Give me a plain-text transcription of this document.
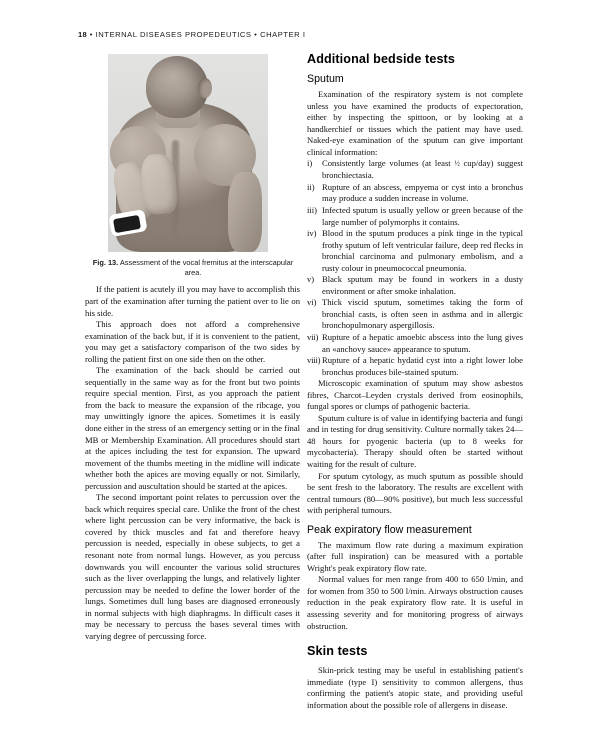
18 • INTERNAL DISEASES PROPEDEUTICS • CHAPTER I
Fig. 13. Assessment of the vocal fremitus at the interscapular area.

If the patient is acutely ill you may have to accomplish this part of the examination after turning the patient over to lie on his side.

This approach does not afford a comprehensive examination of the back but, if it is convenient to the patient, you may get a satisfactory comparison of the two sides by rolling the patient first on one side then on the other.

The examination of the back should be carried out sequentially in the same way as for the front but two points require special mention. First, as you approach the patient from the back to measure the expansion of the ribcage, you may unwittingly ignore the apices. Sometimes it is easily done either in the stress of an emergency setting or in the final MB or Membership Examination. All procedures should start at the apices including the test for expansion. The upward movement of the thumbs meeting in the midline will indicate whether both the apices are moving equally or not. Similarly, percussion and auscultation should be started at the apices.

The second important point relates to percussion over the back which requires special care. Unlike the front of the chest where light percussion can be very informative, the back is covered by thick muscles and fat and therefore heavy percussion is needed, especially in obese subjects, to get a resonant note from normal lungs. However, as you percuss downwards you will encounter the various solid structures such as the liver overlapping the lungs, and relatively lighter percussion may be needed to define the lower border of the lungs. Sometimes dull lung bases are diagnosed erroneously in normal subjects with high diaphragms. In difficult cases it may be necessary to percuss the bases several times with varying degree of percussing force.

Additional bedside tests
Sputum

Examination of the respiratory system is not complete unless you have examined the products of expectoration, either by inspecting the spittoon, or by looking at a handkerchief or tissues which the patient may have used. Naked-eye examination of the sputum can give important clinical information:

i)	Consistently large volumes (at least ½ cup/day) suggest bronchiectasia.
ii) Rupture of an abscess, empyema or cyst into a bronchus may produce a sudden increase in volume.
iii) Infected sputum is usually yellow or green because of the large number of polymorphs it contains.
iv) Blood in the sputum produces a pink tinge in the typical frothy sputum of left ventricular failure, deep red flecks in bronchial carcinoma and pulmonary embolism, and a rusty colour in pneumococcal pneumonia.
v) Black sputum may be found in workers in a dusty environment or after smoke inhalation.
vi) Thick viscid sputum, sometimes taking the form of bronchial casts, is often seen in asthma and in allergic bronchopulmonary aspergillosis.
vii) Rupture of a hepatic amoebic abscess into the lung gives an «anchovy sauce» appearance to sputum.
viii) Rupture of a hepatic hydatid cyst into a right lower lobe bronchus produces bile-stained sputum.

Microscopic examination of sputum may show asbestos fibres, Charcot–Leyden crystals derived from eosinophils, fungal spores or clumps of pathogenic bacteria.

Sputum culture is of value in identifying bacteria and fungi and in testing for drug sensitivity. Culture normally takes 24—48 hours for pyogenic bacteria (up to 8 weeks for mycobacteria). Therapy should often be started without waiting for the result of culture.

For sputum cytology, as much sputum as possible should be sent fresh to the laboratory. The results are excellent with central tumours (80—90% positive), but much less successful with peripheral tumours.

Peak expiratory flow measurement

The maximum flow rate during a maximum expiration (after full inspiration) can be measured with a portable Wright's peak expiratory flow rate.

Normal values for men range from 400 to 650 l/min, and for women from 350 to 500 l/min. Airways obstruction causes reduction in the peak expiratory flow rate. It is useful in assessing severity and for monitoring progress of airways obstruction.

Skin tests

Skin-prick testing may be useful in establishing patient's immediate (type I) sensitivity to common allergens, thus confirming the patient's atopic state, and providing useful information about the possible role of allergens in disease.
